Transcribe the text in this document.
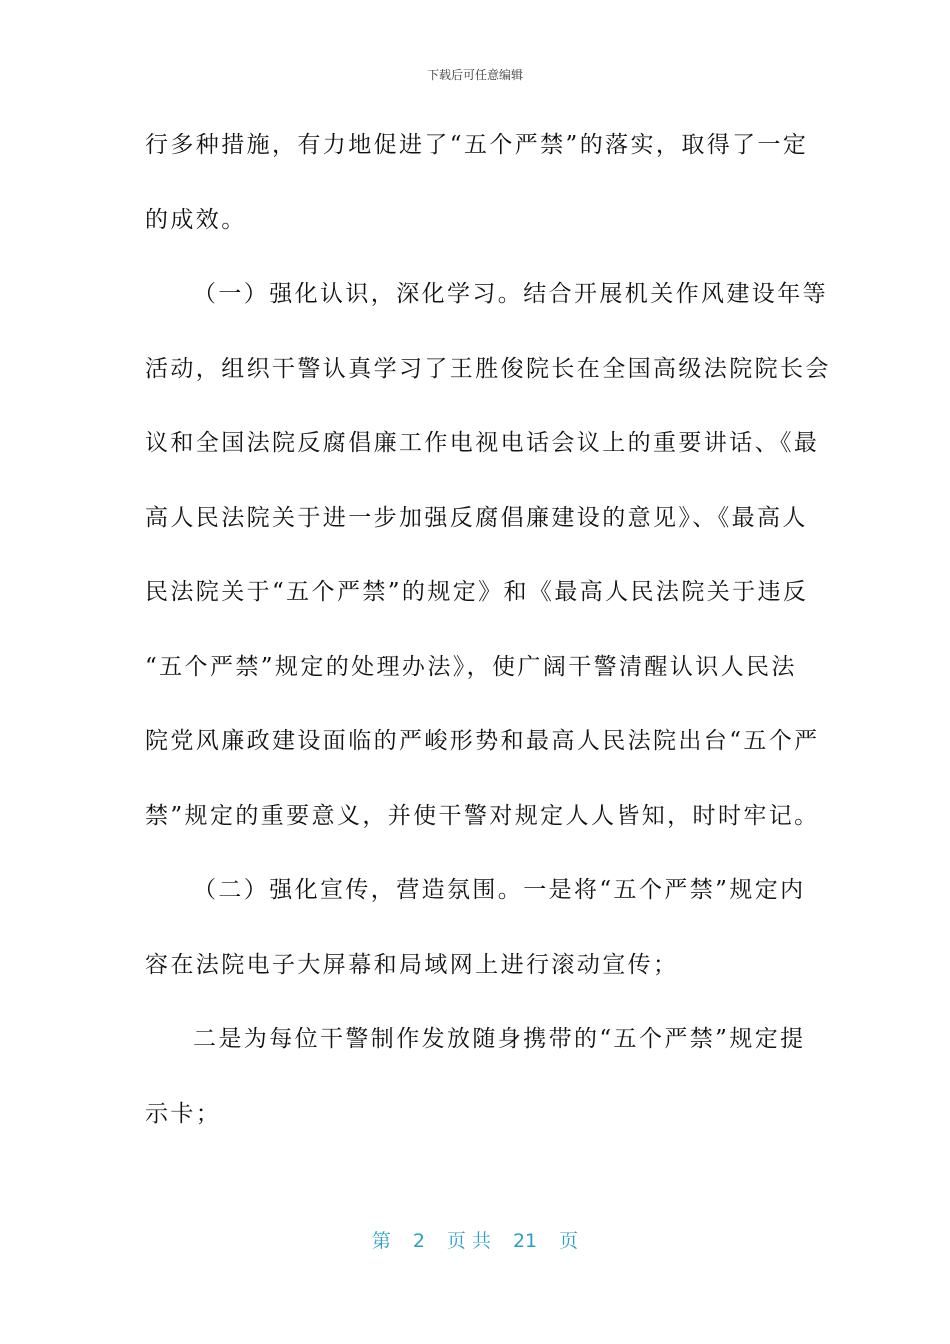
下载后可任意编辑
行多种措施，有力地促进了“五个严禁”的落实，取得了一定
的成效。
（一）强化认识，深化学习。结合开展机关作风建设年等
活动，组织干警认真学习了王胜俊院长在全国高级法院院长会
议和全国法院反腐倡廉工作电视电话会议上的重要讲话、《最
高人民法院关于进一步加强反腐倡廉建设的意见》、《最高人
民法院关于“五个严禁”的规定》和《最高人民法院关于违反
“五个严禁”规定的处理办法》，使广阔干警清醒认识人民法
院党风廉政建设面临的严峻形势和最高人民法院出台“五个严
禁”规定的重要意义，并使干警对规定人人皆知，时时牢记。
（二）强化宣传，营造氛围。一是将“五个严禁”规定内
容在法院电子大屏幕和局域网上进行滚动宣传；
二是为每位干警制作发放随身携带的“五个严禁”规定提
示卡；
第 2 页 共 21 页
